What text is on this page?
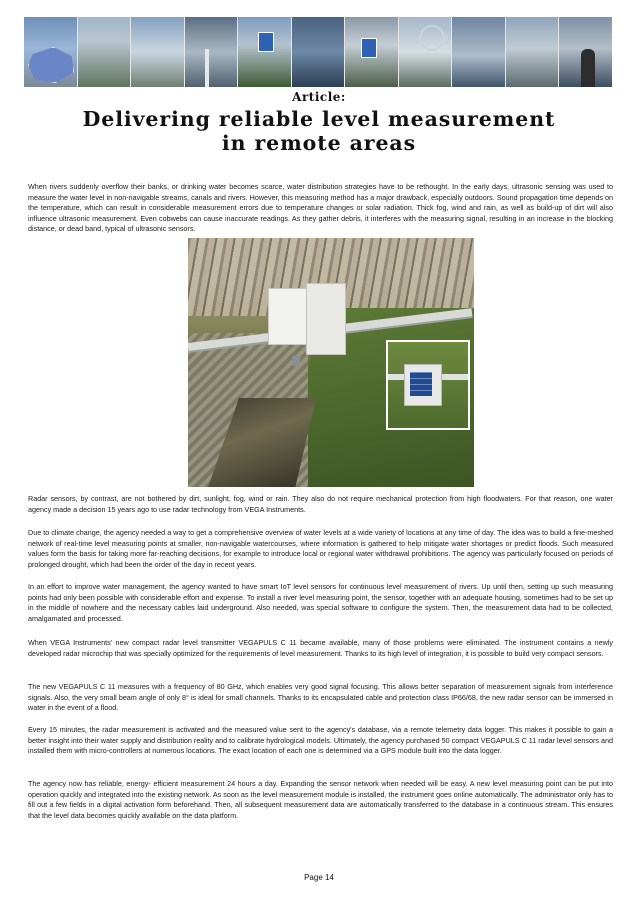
Article:
Delivering reliable level measurement
in remote areas

When rivers suddenly overflow their banks, or drinking water becomes scarce, water distribution strategies have to be rethought. In the early days, ultrasonic sensing was used to measure the water level in non-navigable streams, canals and rivers. However, this measuring method has a major drawback, especially outdoors. Sound propagation time depends on the temperature, which can result in considerable measurement errors due to temperature changes or solar radiation. Thick fog, wind and rain, as well as build-up of dirt will also influence ultrasonic measurement. Even cobwebs can cause inaccurate readings. As they gather debris, it interferes with the measuring signal, resulting in an increase in the blocking distance, or dead band, typical of ultrasonic sensors.

Radar sensors, by contrast, are not bothered by dirt, sunlight, fog, wind or rain. They also do not require mechanical protection from high floodwaters. For that reason, one water agency made a decision 15 years ago to use radar technology from VEGA Instruments.

Due to climate change, the agency needed a way to get a comprehensive overview of water levels at a wide variety of locations at any time of day. The idea was to build a fine-meshed network of real-time level measuring points at smaller, non-navigable watercourses, where information is gathered to help mitigate water shortages or predict floods. Such measured values form the basis for taking more far-reaching decisions, for example to introduce local or regional water withdrawal prohibitions. The agency was particularly focused on periods of prolonged drought, which had been the order of the day in recent years.

In an effort to improve water management, the agency wanted to have smart IoT level sensors for continuous level measurement of rivers. Up until then, setting up such measuring points had only been possible with considerable effort and expense. To install a river level measuring point, the sensor, together with an adequate housing, sometimes had to be set up in the middle of nowhere and the necessary cables laid underground. Also needed, was special software to configure the system. Then, the measurement data had to be collected, amalgamated and processed.

When VEGA Instruments' new compact radar level transmitter VEGAPULS C 11 became available, many of those problems were eliminated. The instrument contains a newly developed radar microchip that was specially optimized for the requirements of level measurement. Thanks to its high level of integration, it is possible to build very compact sensors.

The new VEGAPULS C 11 measures with a frequency of 80 GHz, which enables very good signal focusing. This allows better separation of measurement signals from interference signals. Also, the very small beam angle of only 8° is ideal for small channels. Thanks to its encapsulated cable and protection class IP66/68, the new radar sensor can be immersed in water in the event of a flood.

Every 15 minutes, the radar measurement is activated and the measured value sent to the agency's database, via a remote telemetry data logger. This makes it possible to gain a better insight into their water supply and distribution reality and to calibrate hydrological models. Ultimately, the agency purchased 50 compact VEGAPULS C 11 radar level sensors and installed them with micro-controllers at numerous locations. The exact location of each one is determined via a GPS module built into the data logger.

The agency now has reliable, energy- efficient measurement 24 hours a day. Expanding the sensor network when needed will be easy. A new level measuring point can be put into operation quickly and integrated into the existing network. As soon as the level measurement module is installed, the instrument goes online automatically. The administrator only has to fill out a few fields in a digital activation form beforehand. Then, all subsequent measurement data are automatically transferred to the database in a continuous stream. This ensures that the level data becomes quickly available on the data platform.

Page 14
